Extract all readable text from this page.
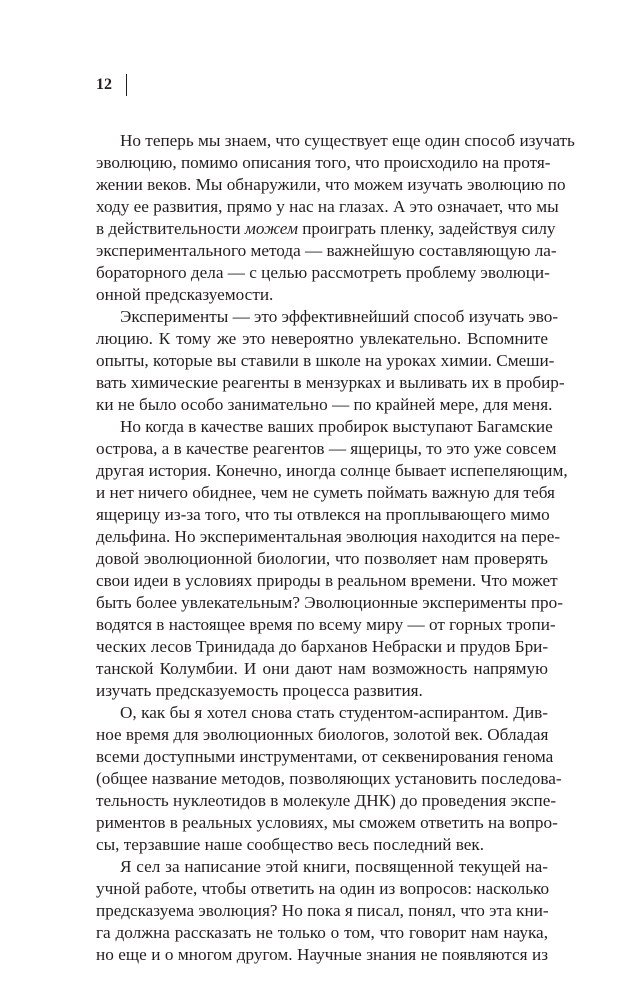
12
Но теперь мы знаем, что существует еще один способ изучать
эволюцию, помимо описания того, что происходило на протя-
жении веков. Мы обнаружили, что можем изучать эволюцию по
ходу ее развития, прямо у нас на глазах. А это означает, что мы
в действительности можем проиграть пленку, задействуя силу
экспериментального метода — важнейшую составляющую ла-
бораторного дела — с целью рассмотреть проблему эволюци-
онной предсказуемости.
Эксперименты — это эффективнейший способ изучать эво-
люцию. К тому же это невероятно увлекательно. Вспомните
опыты, которые вы ставили в школе на уроках химии. Смеши-
вать химические реагенты в мензурках и выливать их в пробир-
ки не было особо занимательно — по крайней мере, для меня.
Но когда в качестве ваших пробирок выступают Багамские
острова, а в качестве реагентов — ящерицы, то это уже совсем
другая история. Конечно, иногда солнце бывает испепеляющим,
и нет ничего обиднее, чем не суметь поймать важную для тебя
ящерицу из-за того, что ты отвлекся на проплывающего мимо
дельфина. Но экспериментальная эволюция находится на пере-
довой эволюционной биологии, что позволяет нам проверять
свои идеи в условиях природы в реальном времени. Что может
быть более увлекательным? Эволюционные эксперименты про-
водятся в настоящее время по всему миру — от горных тропи-
ческих лесов Тринидада до барханов Небраски и прудов Бри-
танской Колумбии. И они дают нам возможность напрямую
изучать предсказуемость процесса развития.
О, как бы я хотел снова стать студентом-аспирантом. Див-
ное время для эволюционных биологов, золотой век. Обладая
всеми доступными инструментами, от секвенирования генома
(общее название методов, позволяющих установить последова-
тельность нуклеотидов в молекуле ДНК) до проведения экспе-
риментов в реальных условиях, мы сможем ответить на вопро-
сы, терзавшие наше сообщество весь последний век.
Я сел за написание этой книги, посвященной текущей на-
учной работе, чтобы ответить на один из вопросов: насколько
предсказуема эволюция? Но пока я писал, понял, что эта кни-
га должна рассказать не только о том, что говорит нам наука,
но еще и о многом другом. Научные знания не появляются из
